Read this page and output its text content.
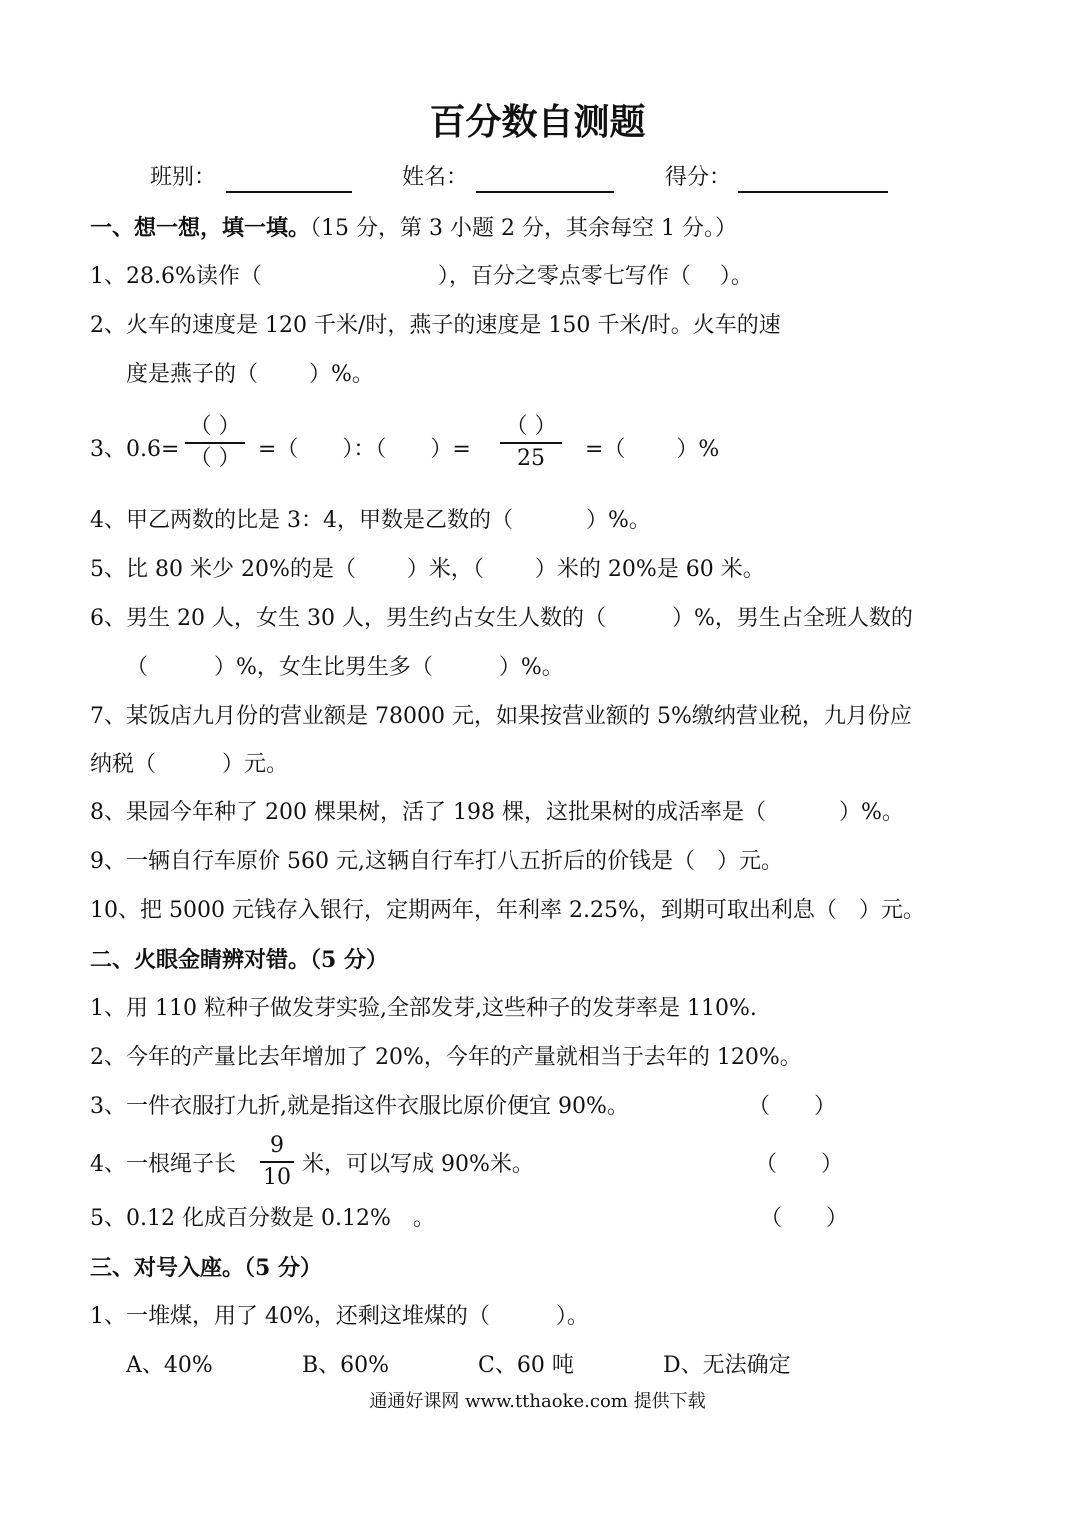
百分数自测题
班别：	姓名：	得分：
一、想一想，填一填。（15 分，第 3 小题 2 分，其余每空 1 分。）
1、28.6%读作（　　　　　　　　），百分之零点零七写作（　 ）。
2、火车的速度是 120 千米/时，燕子的速度是 150 千米/时。火车的速
度是燕子的（　　 ）%。
3、0.6=
（ ）
（ ） =（　　）：（　　）=
（ ）
25	=（　　 ）%
4、甲乙两数的比是 3：4，甲数是乙数的（　　　 ）%。
5、比 80 米少 20%的是（　　 ）米，（　　 ）米的 20%是 60 米。
6、男生 20 人，女生 30 人，男生约占女生人数的（　　　）%，男生占全班人数的
（　　　）%，女生比男生多（　　　）%。
7、某饭店九月份的营业额是 78000 元，如果按营业额的 5%缴纳营业税，九月份应
纳税（　　　）元。
8、果园今年种了 200 棵果树，活了 198 棵，这批果树的成活率是（　　　 ）%。
9、一辆自行车原价 560 元,这辆自行车打八五折后的价钱是（　）元。
10、把 5000 元钱存入银行，定期两年，年利率 2.25%，到期可取出利息（　）元。
二、火眼金睛辨对错。（5 分）
1、用 110 粒种子做发芽实验,全部发芽,这些种子的发芽率是 110%.
2、今年的产量比去年增加了 20%，今年的产量就相当于去年的 120%。
3、一件衣服打九折,就是指这件衣服比原价便宜 90%。	（　　）
4、一根绳子长
9
10
米，可以写成 90%米。	（　　）
5、0.12 化成百分数是 0.12%　。	（　　）
三、对号入座。（5 分）
1、一堆煤，用了 40%，还剩这堆煤的（　　　）。
A、40%	B、60%	C、60 吨	D、无法确定
通通好课网 www.tthaoke.com 提供下载
